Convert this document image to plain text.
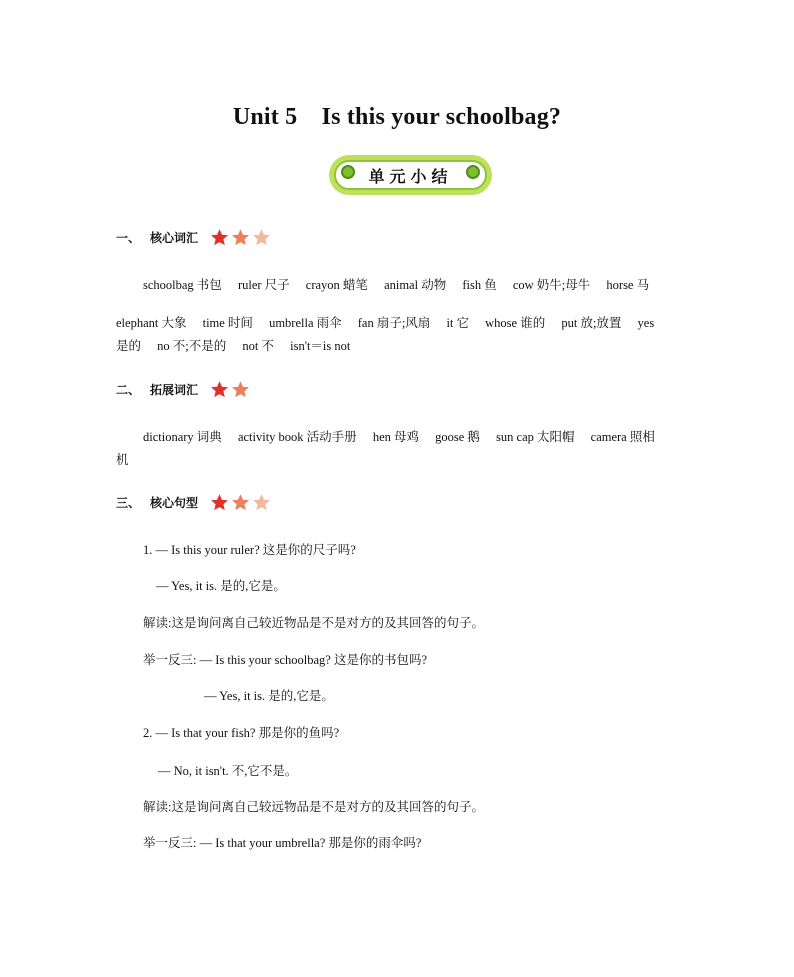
Unit 5　Is this your schoolbag?
单元小结
一、 核心词汇
schoolbag 书包 ruler 尺子 crayon 蜡笔 animal 动物 fish 鱼 cow 奶牛;母牛 horse 马
elephant 大象 time 时间 umbrella 雨伞 fan 扇子;风扇 it 它 whose 谁的 put 放;放置 yes
是的 no 不;不是的 not 不 isn't＝is not
二、 拓展词汇
dictionary 词典 activity book 活动手册 hen 母鸡 goose 鹅 sun cap 太阳帽 camera 照相
机
三、 核心句型
1. — Is this your ruler? 这是你的尺子吗?
— Yes, it is. 是的,它是。
解读:这是询问离自己较近物品是不是对方的及其回答的句子。
举一反三: — Is this your schoolbag? 这是你的书包吗?
— Yes, it is. 是的,它是。
2. — Is that your fish? 那是你的鱼吗?
— No, it isn't. 不,它不是。
解读:这是询问离自己较远物品是不是对方的及其回答的句子。
举一反三: — Is that your umbrella? 那是你的雨伞吗?
